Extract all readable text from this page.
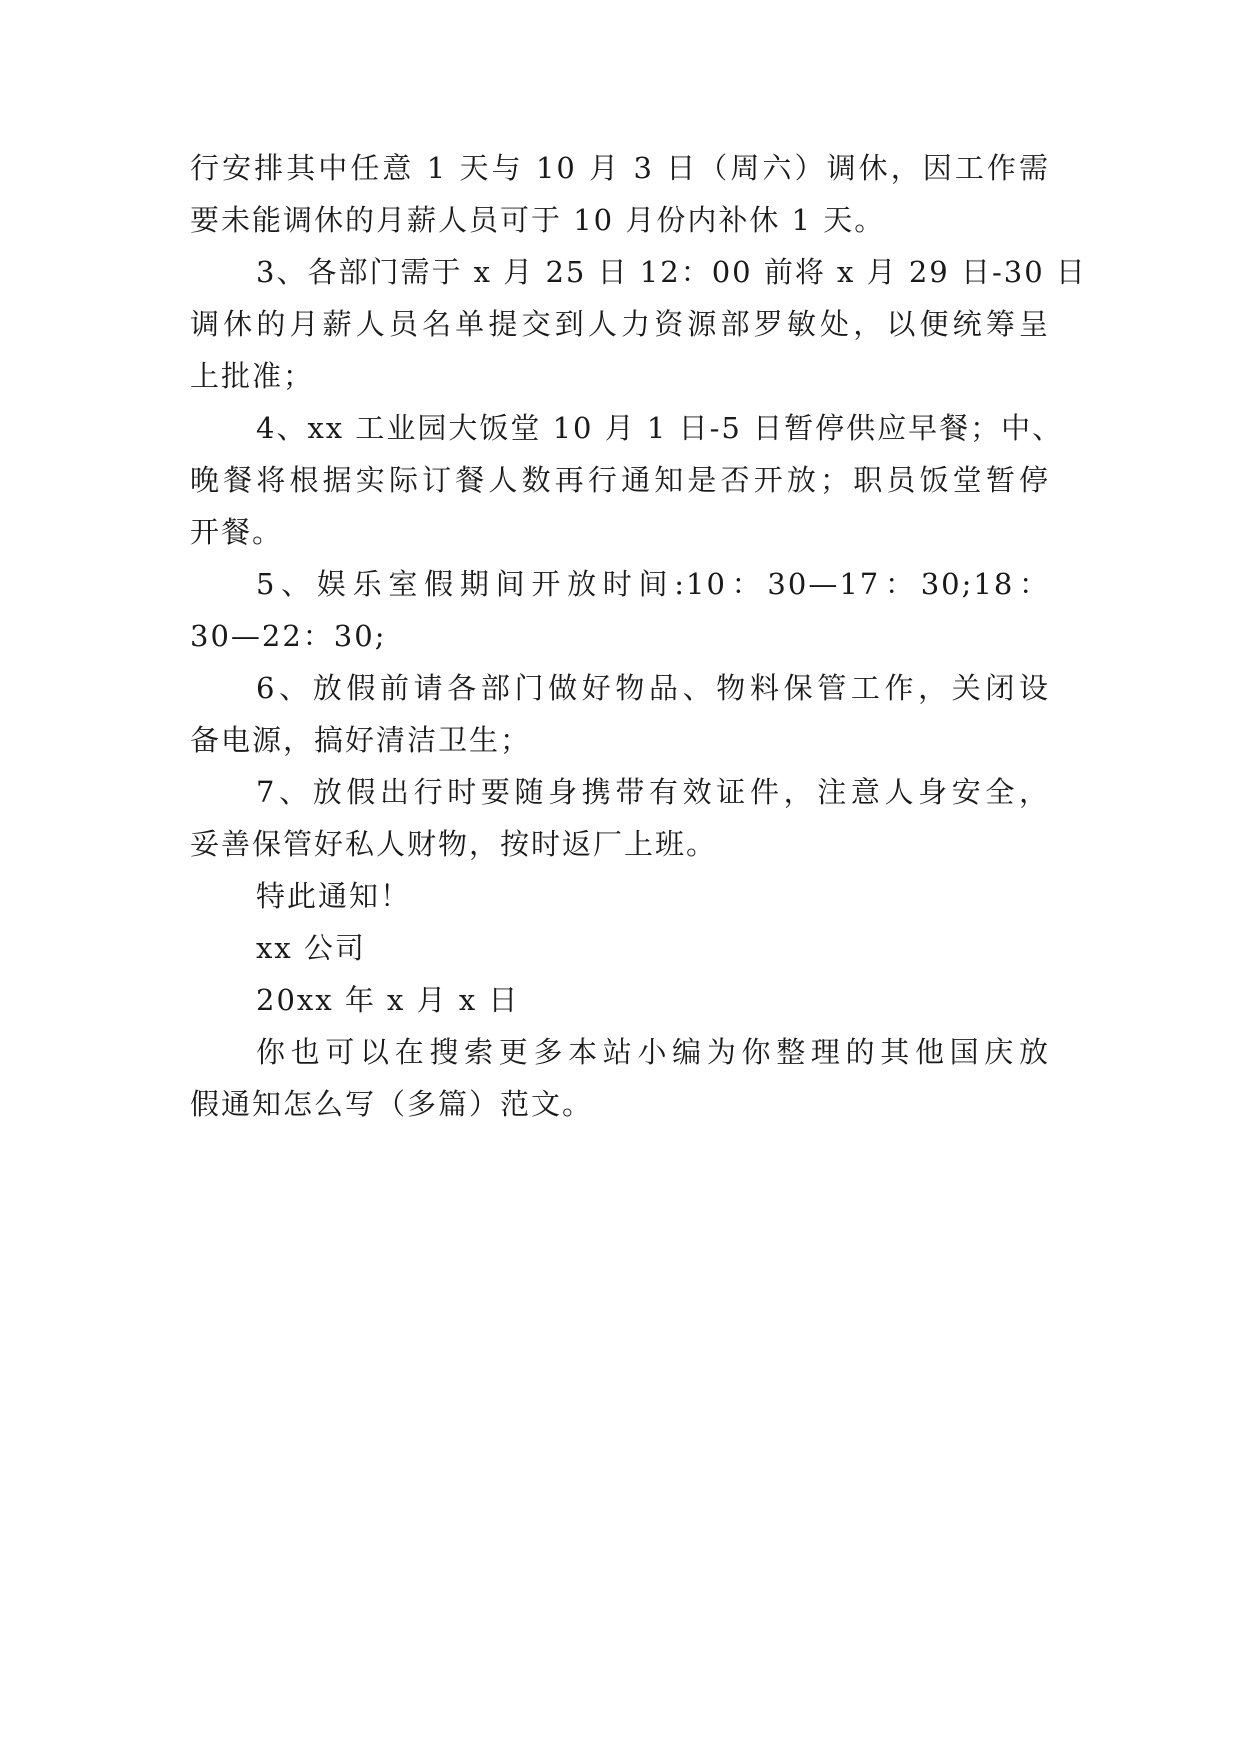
行安排其中任意 1 天与 10 月 3 日（周六）调休，因工作需
要未能调休的月薪人员可于 10 月份内补休 1 天。
3、各部门需于 x 月 25 日 12：00 前将 x 月 29 日-30 日
调休的月薪人员名单提交到人力资源部罗敏处，以便统筹呈
上批准；
4、xx 工业园大饭堂 10 月 1 日-5 日暂停供应早餐；中、
晚餐将根据实际订餐人数再行通知是否开放；职员饭堂暂停
开餐。
5、娱乐室假期间开放时间:10：30—17：30;18：
30—22：30;
6、放假前请各部门做好物品、物料保管工作，关闭设
备电源，搞好清洁卫生；
7、放假出行时要随身携带有效证件，注意人身安全，
妥善保管好私人财物，按时返厂上班。
特此通知！
xx 公司
20xx 年 x 月 x 日
你也可以在搜索更多本站小编为你整理的其他国庆放
假通知怎么写（多篇）范文。
